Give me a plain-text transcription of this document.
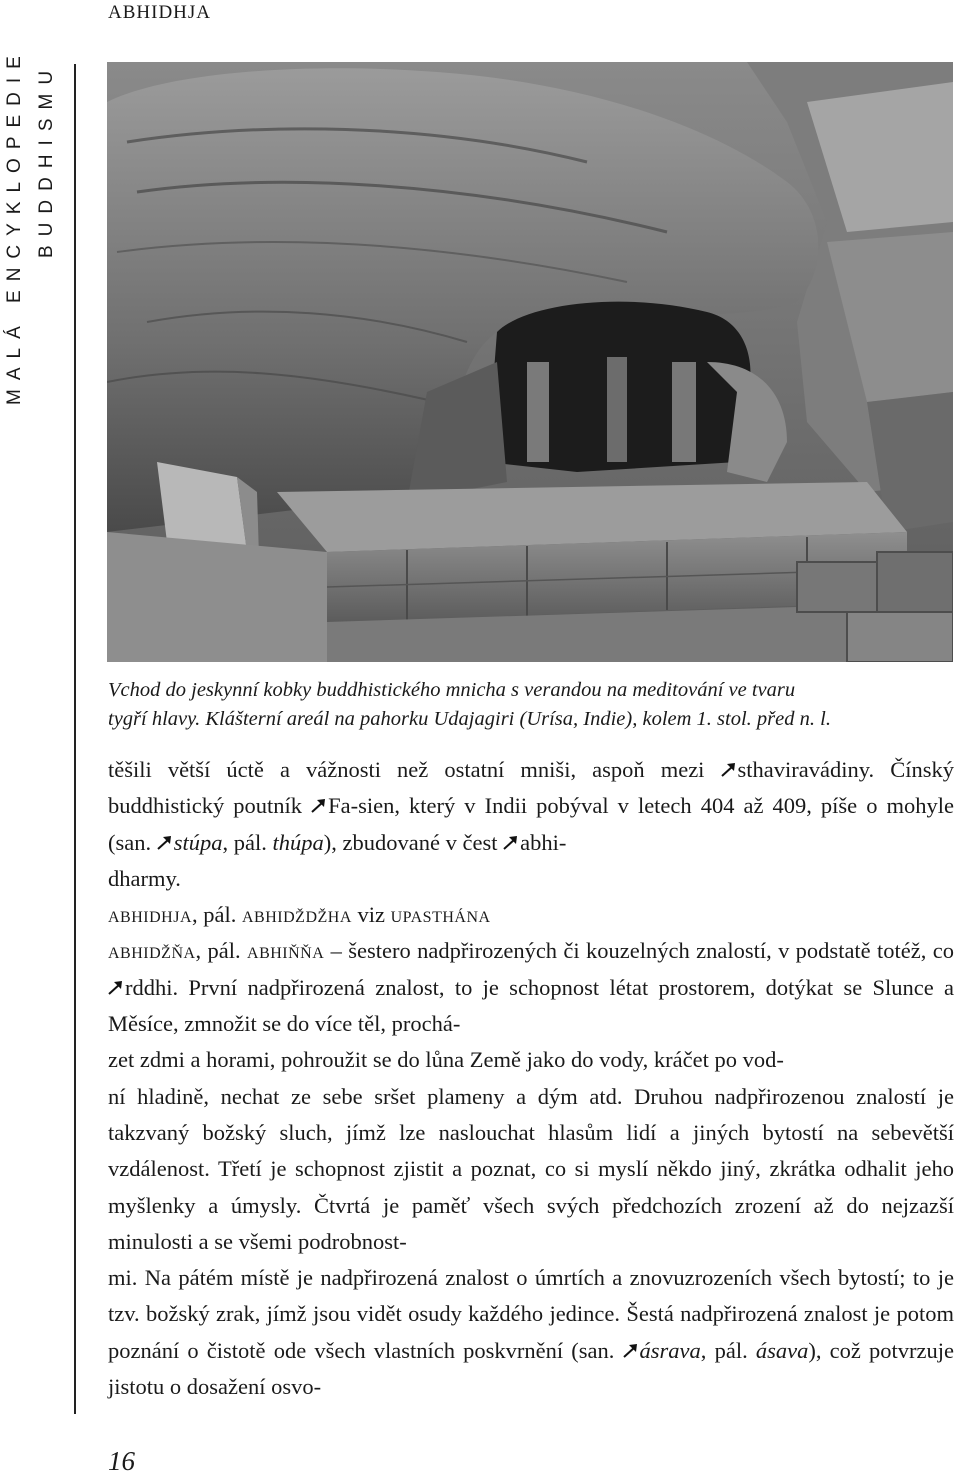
ABHIDHJA
MALÁ ENCYKLOPEDIE BUDDHISMU
Vchod do jeskynní kobky buddhistického mnicha s verandou na meditování ve tvaru
tygří hlavy. Klášterní areál na pahorku Udajagiri (Urísa, Indie), kolem 1. stol. před n. l.

těšili větší úctě a vážnosti než ostatní mniši, aspoň mezi
sthaviravádiny. Čínský buddhistický poutník
Fa-sien, který v Indii pobýval v letech 404 až 409, píše o mohyle (san.
stúpa, pál. thúpa), zbudované v čest
abhi-
dharmy.

abhidhja, pál. abhidždžha viz upasthána

abhidžňa, pál. abhiňňa – šestero nadpřirozených či kouzelných znalostí, v podstatě totéž, co
rddhi. První nadpřirozená znalost, to je schopnost létat prostorem, dotýkat se Slunce a Měsíce, zmnožit se do více těl, prochá-
zet zdmi a horami, pohroužit se do lůna Země jako do vody, kráčet po vod-
ní hladině, nechat ze sebe sršet plameny a dým atd. Druhou nadpřirozenou znalostí je takzvaný božský sluch, jímž lze naslouchat hlasům lidí a jiných bytostí na sebevětší vzdálenost. Třetí je schopnost zjistit a poznat, co si myslí někdo jiný, zkrátka odhalit jeho myšlenky a úmysly. Čtvrtá je paměť všech svých předchozích zrození až do nejzazší minulosti a se všemi podrobnost-
mi. Na pátém místě je nadpřirozená znalost o úmrtích a znovuzrozeních všech bytostí; to je tzv. božský zrak, jímž jsou vidět osudy každého jedince. Šestá nadpřirozená znalost je potom poznání o čistotě ode všech vlastních poskvrnění (san.
ásrava, pál. ásava), což potvrzuje jistotu o dosažení osvo-

16
